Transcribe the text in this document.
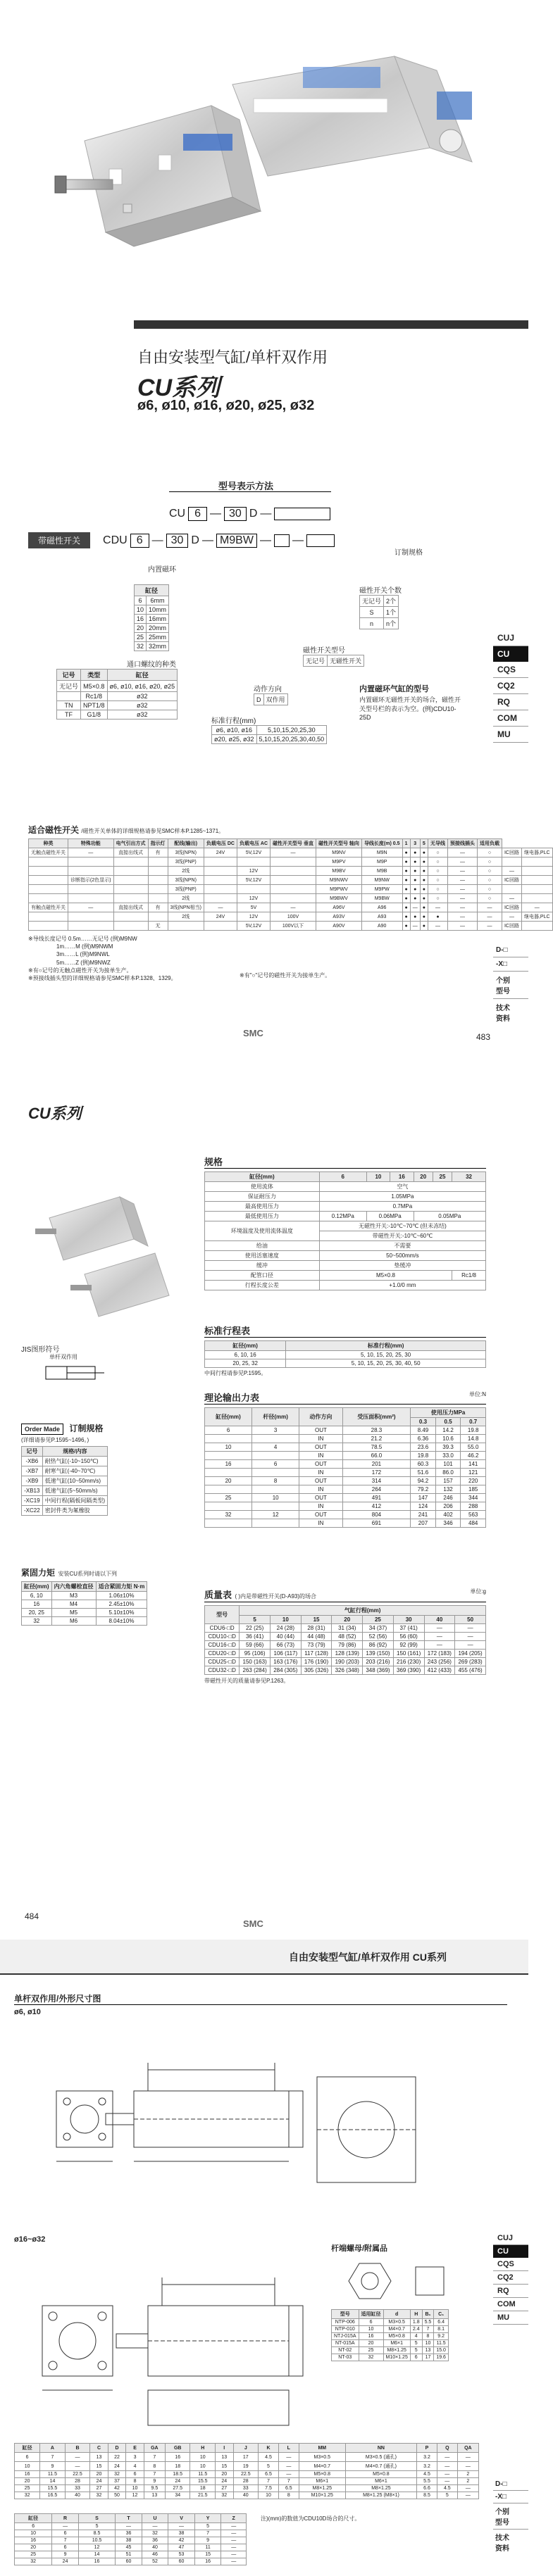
自由安装型气缸/单杆双作用
CU系列
ø6, ø10, ø16, ø20, ø25, ø32
型号表示方法
CU 6 — 30 D —
带磁性开关	CDU 6 — 30 D — M9BW — —
内置磁环
缸径	
6	6mm
10	10mm
16	16mm
20	20mm
25	25mm
32	32mm
通口螺纹的种类
记号	类型	缸径
无记号	M5×0.8	ø6, ø10, ø16, ø20, ø25
	Rc1/8	ø32
TN	NPT1/8	ø32
TF	G1/8	ø32
动作方向
D	双作用
标准行程(mm)
ø6, ø10, ø16	5,10,15,20,25,30
ø20, ø25, ø32	5,10,15,20,25,30,40,50
订制规格
磁性开关个数
无记号	2个
S	1个
n	n个
磁性开关型号
无记号	无磁性开关
内置磁环气缸的型号
内置磁环无磁性开关的场合，磁性开关型号栏的表示为空。(例)CDU10-25D
CUJ
CU
CQS
CQ2
RQ
COM
MU
适合磁性开关 /磁性开关单体的详细规格请参见SMC样本P.1285~1371。
种类	特殊功能	电气引出方式	指示灯	配线(输出)	负载电压 DC	负载电压 AC	磁性开关型号 垂直	磁性开关型号 轴向	导线长度(m) 0.5	1	3	5	无导线	预接线插头	适用负载		
无触点磁性开关	—	直接出线式	有	3线(NPN)	24V	5V,12V	—	M9NV	M9N	●	●	●	○	—	○	IC回路	继电器,PLC
				3线(PNP)				M9PV	M9P	●	●	●	○	—	○		
				2线		12V		M9BV	M9B	●	●	●	○	—	○	—	
	诊断指示(2色显示)			3线(NPN)		5V,12V		M9NWV	M9NW	●	●	●	○	—	○	IC回路	
				3线(PNP)				M9PWV	M9PW	●	●	●	○	—	○		
				2线		12V		M9BWV	M9BW	●	●	●	○	—	○	—	
有触点磁性开关	—	直接出线式	有	3线(NPN相当)	—	5V	—	A96V	A96	●	—	●	—	—	—	IC回路	—
				2线	24V	12V	100V	A93V	A93	●	●	●	●	—	—	—	继电器,PLC
			无			5V,12V	100V以下	A90V	A90	●	—	●	—	—	—	IC回路	
※导线长度记号 0.5m……无记号 (例)M9NW
1m……M (例)M9NWM
3m……L (例)M9NWL
5m……Z (例)M9NWZ
※有○记号的无触点磁性开关为接单生产。
※预接线插头型的详细规格请参见SMC样本P.1328、1329。	※有"○"记号的磁性开关为接单生产。
D-□
-X□
个别
型号
技术
资料
SMC	483
CU系列
JIS图形符号
单杆双作用
Order Made 订制规格
(详细请参见P.1595~1496。)
记号	规格/内容
-XB6	耐热气缸(-10~150℃)
-XB7	耐寒气缸(-40~70℃)
-XB9	低速气缸(10~50mm/s)
-XB13	低速气缸(5~50mm/s)
-XC19	中间行程(隔板间隔类型)
-XC22	密封件类为氟橡胶
紧固力矩 安装CU系列时请以下列
缸径(mm)	内六角螺栓直径	适合紧固力矩 N·m
6, 10	M3	1.06±10%
16	M4	2.45±10%
20, 25	M5	5.10±10%
32	M6	8.04±10%
规格
缸径(mm)	6	10	16	20	25	32
使用流体	空气					
保证耐压力	1.05MPa					
最高使用压力	0.7MPa					
最低使用压力	0.12MPa	0.06MPa		0.05MPa		
环境温度及使用流体温度	无磁性开关:-10℃~70℃ (但未冻结)					
	带磁性开关:-10℃~60℃					
给油	不需要					
使用活塞速度	50~500mm/s					
缓冲	垫缓冲					
配管口径	M5×0.8					Rc1/8
行程长度公差	+1.0/0 mm					
标准行程表
缸径(mm)	标准行程(mm)
6, 10, 16	5, 10, 15, 20, 25, 30
20, 25, 32	5, 10, 15, 20, 25, 30, 40, 50
中间行程请参见P.1595。
理论输出力表	单位:N
缸径(mm)	杆径(mm)	动作方向	受压面积(mm²)	使用压力MPa		
				0.3	0.5	0.7
6	3	OUT	28.3	8.49	14.2	19.8
		IN	21.2	6.36	10.6	14.8
10	4	OUT	78.5	23.6	39.3	55.0
		IN	66.0	19.8	33.0	46.2
16	6	OUT	201	60.3	101	141
		IN	172	51.6	86.0	121
20	8	OUT	314	94.2	157	220
		IN	264	79.2	132	185
25	10	OUT	491	147	246	344
		IN	412	124	206	288
32	12	OUT	804	241	402	563
		IN	691	207	346	484
质量表 ( )内是带磁性开关(D-A93)的场合
单位:g
型号	气缸行程(mm)							
	5	10	15	20	25	30	40	50
CDU6-□D	22 (25)	24 (28)	28 (31)	31 (34)	34 (37)	37 (41)	—	—
CDU10-□D	36 (41)	40 (44)	44 (48)	48 (52)	52 (56)	56 (60)	—	—
CDU16-□D	59 (66)	66 (73)	73 (79)	79 (86)	86 (92)	92 (99)	—	—
CDU20-□D	95 (106)	106 (117)	117 (128)	128 (139)	139 (150)	150 (161)	172 (183)	194 (205)
CDU25-□D	150 (163)	163 (176)	176 (190)	190 (203)	203 (216)	216 (230)	243 (256)	269 (283)
CDU32-□D	263 (284)	284 (305)	305 (326)	326 (348)	348 (369)	369 (390)	412 (433)	455 (476)
带磁性开关的质量请参见P.1263。
484
SMC
自由安装型气缸/单杆双作用 CU系列
单杆双作用/外形尺寸图
ø6, ø10
ø16~ø32
杆端螺母/附属品
型号	适用缸径	d	H	B₁	C₁
NTP-006	6	M3×0.5	1.8	5.5	6.4
NTP-010	10	M4×0.7	2.4	7	8.1
NTJ-015A	16	M5×0.8	4	8	9.2
NT-015A	20	M6×1	5	10	11.5
NT-02	25	M8×1.25	5	13	15.0
NT-03	32	M10×1.25	6	17	19.6
CUJ
CU
CQS
CQ2
RQ
COM
MU
缸径	A	B	C	D	E	GA	GB	H	I	J	K	L	MM	NN	P	Q	QA
6	7	—	13	22	3	7	16	10	13	17	4.5	—	M3×0.5	M3×0.5 (通孔)	3.2	—	—
10	9	—	15	24	4	8	18	10	15	19	5	—	M4×0.7	M4×0.7 (通孔)	3.2	—	—
16	11.5	22.5	20	32	6	7	18.5	11.5	20	22.5	6.5	—	M5×0.8	M5×0.8	4.5	—	2
20	14	28	24	37	8	9	24	15.5	24	28	7	7	M6×1	M6×1	5.5	—	2
25	15.5	33	27	42	10	9.5	27.5	18	27	33	7.5	6.5	M8×1.25	M8×1.25	6.6	4.5	—
32	16.5	40	32	50	12	13	34	21.5	32	40	10	8	M10×1.25	M8×1.25 (M8×1)	8.5	5	—
缸径	R	S	T	U	V	Y	Z
6	—	5	—	—	—	5	—
10	6	8.5	36	32	38	7	—
16	7	10.5	38	36	42	9	—
20	6	12	45	40	47	11	—
25	9	14	51	46	53	15	—
32	24	16	60	52	60	16	—
注)(mm)的数值为CDU10D场合的尺寸。
D-□
-X□
个别
型号
技术
资料
